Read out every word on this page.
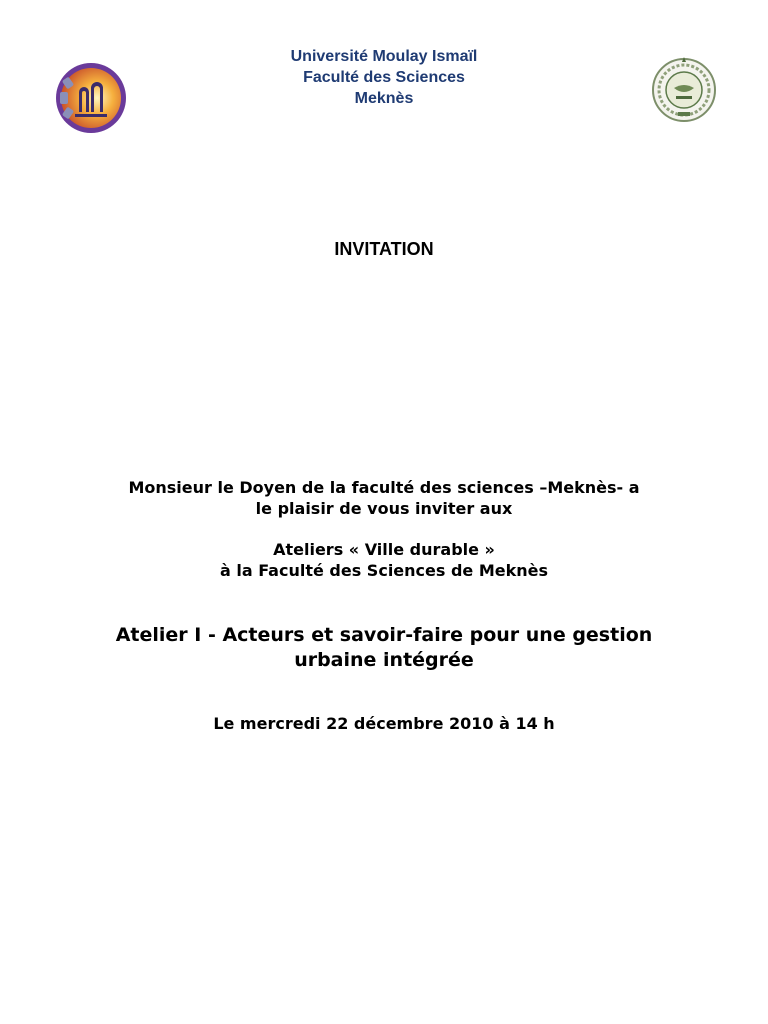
Université Moulay Ismaïl
Faculté des Sciences
Meknès
INVITATION
Monsieur le Doyen de la faculté des sciences –Meknès- a
le plaisir de vous inviter aux
Ateliers « Ville durable »
à la Faculté des Sciences de Meknès
Atelier I - Acteurs et savoir-faire pour une gestion
urbaine intégrée
Le mercredi 22 décembre 2010 à 14 h
